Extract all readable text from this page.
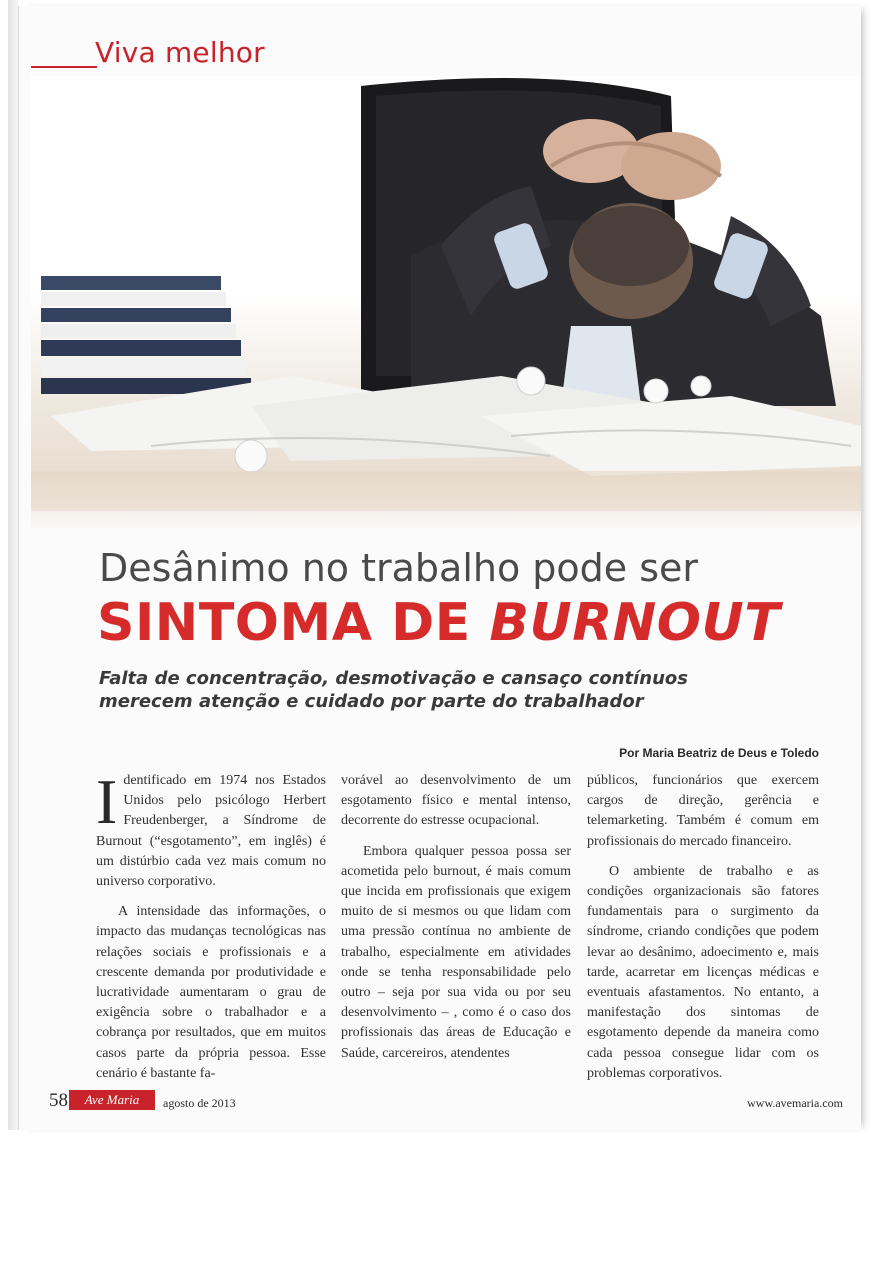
Viva melhor
Desânimo no trabalho pode ser
SINTOMA DE BURNOUT
Falta de concentração, desmotivação e cansaço contínuos
merecem atenção e cuidado por parte do trabalhador
Por Maria Beatriz de Deus e Toledo

Identificado em 1974 nos Estados Unidos pelo psicólogo Herbert Freudenberger, a Síndrome de Burnout (“esgotamento”, em inglês) é um distúrbio cada vez mais comum no universo corporativo.

A intensidade das informações, o impacto das mudanças tecnológicas nas relações sociais e profissionais e a crescente demanda por produtividade e lucratividade aumentaram o grau de exigência sobre o trabalhador e a cobrança por resultados, que em muitos casos parte da própria pessoa. Esse cenário é bastante fa-

vorável ao desenvolvimento de um esgotamento físico e mental intenso, decorrente do estresse ocupacional.

Embora qualquer pessoa possa ser acometida pelo burnout, é mais comum que incida em profissionais que exigem muito de si mesmos ou que lidam com uma pressão contínua no ambiente de trabalho, especialmente em atividades onde se tenha responsabilidade pelo outro – seja por sua vida ou por seu desenvolvimento – , como é o caso dos profissionais das áreas de Educação e Saúde, carcereiros, atendentes

públicos, funcionários que exercem cargos de direção, gerência e telemarketing. Também é comum em profissionais do mercado financeiro.

O ambiente de trabalho e as condições organizacionais são fatores fundamentais para o surgimento da síndrome, criando condições que podem levar ao desânimo, adoecimento e, mais tarde, acarretar em licenças médicas e eventuais afastamentos. No entanto, a manifestação dos sintomas de esgotamento depende da maneira como cada pessoa consegue lidar com os problemas corporativos.

58	Ave Maria	agosto de 2013	www.avemaria.com
